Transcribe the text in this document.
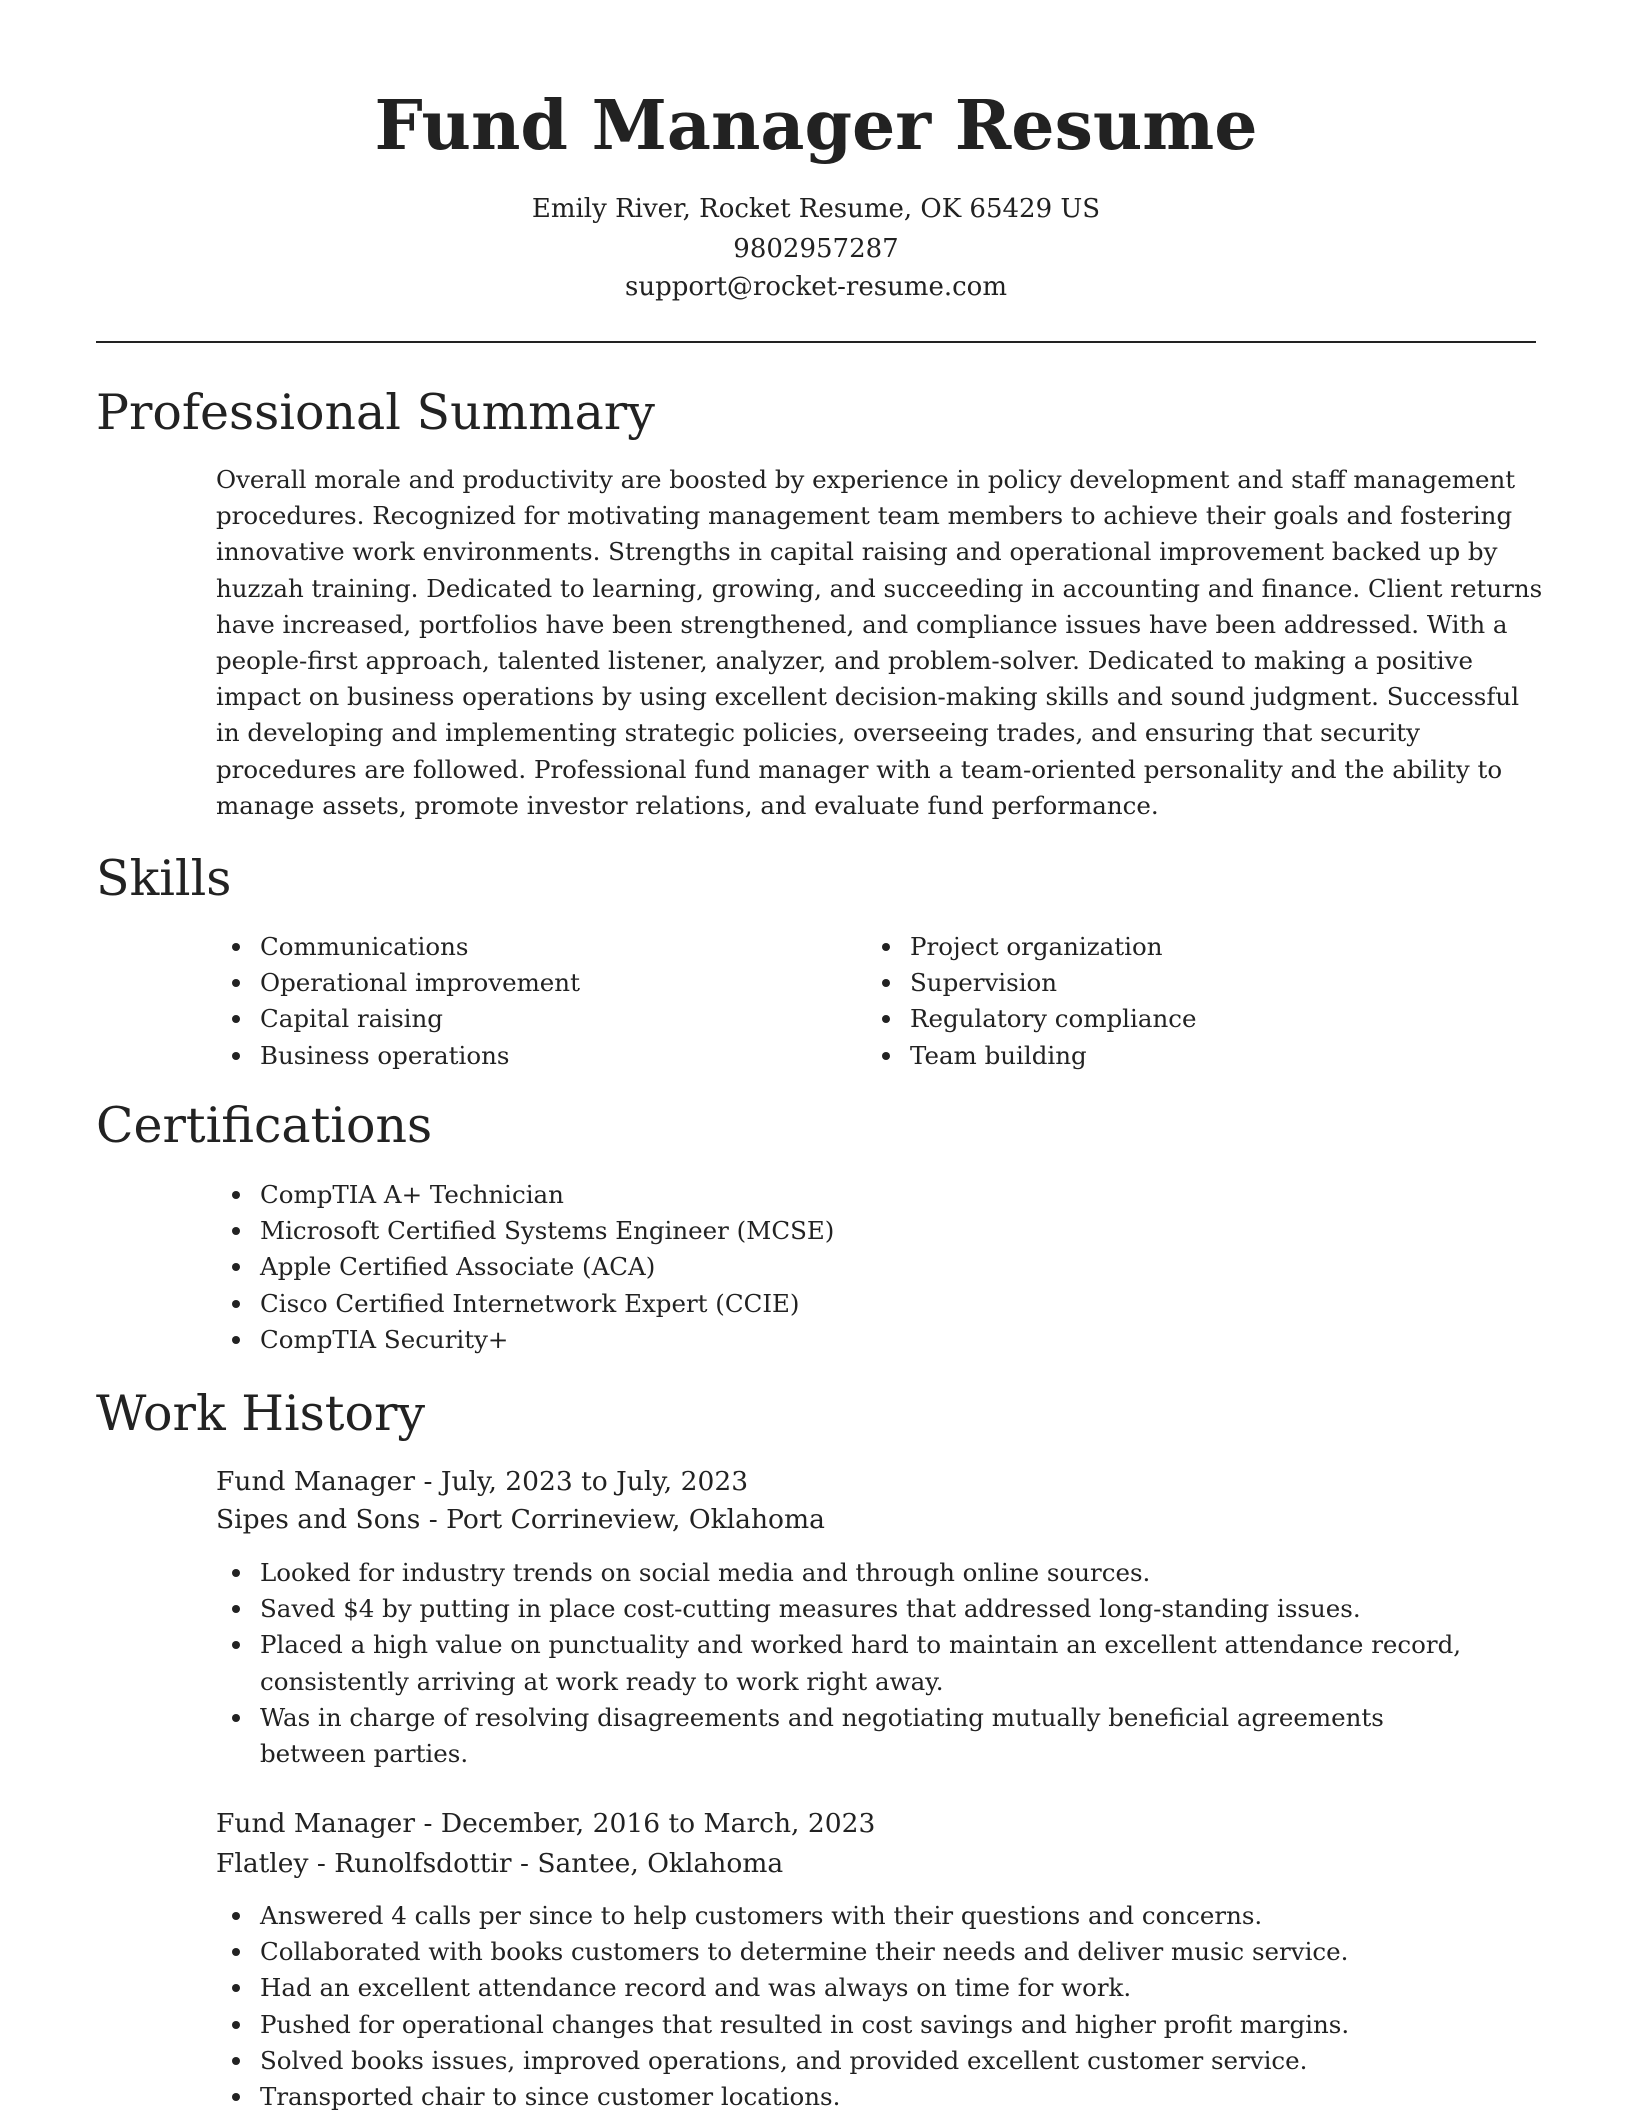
Fund Manager Resume
Emily River, Rocket Resume, OK 65429 US
9802957287
support@rocket-resume.com
Professional Summary

Overall morale and productivity are boosted by experience in policy development and staff management procedures. Recognized for motivating management team members to achieve their goals and fostering innovative work environments. Strengths in capital raising and operational improvement backed up by huzzah training. Dedicated to learning, growing, and succeeding in accounting and finance. Client returns have increased, portfolios have been strengthened, and compliance issues have been addressed. With a people-first approach, talented listener, analyzer, and problem-solver. Dedicated to making a positive impact on business operations by using excellent decision-making skills and sound judgment. Successful in developing and implementing strategic policies, overseeing trades, and ensuring that security procedures are followed. Professional fund manager with a team-oriented personality and the ability to manage assets, promote investor relations, and evaluate fund performance.

Skills
Communications
Operational improvement
Capital raising
Business operations
Project organization
Supervision
Regulatory compliance
Team building
Certifications
CompTIA A+ Technician
Microsoft Certified Systems Engineer (MCSE)
Apple Certified Associate (ACA)
Cisco Certified Internetwork Expert (CCIE)
CompTIA Security+
Work History
Fund Manager - July, 2023 to July, 2023
Sipes and Sons - Port Corrineview, Oklahoma
Looked for industry trends on social media and through online sources.
Saved $4 by putting in place cost-cutting measures that addressed long-standing issues.
Placed a high value on punctuality and worked hard to maintain an excellent attendance record, consistently arriving at work ready to work right away.
Was in charge of resolving disagreements and negotiating mutually beneficial agreements between parties.
Fund Manager - December, 2016 to March, 2023
Flatley - Runolfsdottir - Santee, Oklahoma
Answered 4 calls per since to help customers with their questions and concerns.
Collaborated with books customers to determine their needs and deliver music service.
Had an excellent attendance record and was always on time for work.
Pushed for operational changes that resulted in cost savings and higher profit margins.
Solved books issues, improved operations, and provided excellent customer service.
Transported chair to since customer locations.
